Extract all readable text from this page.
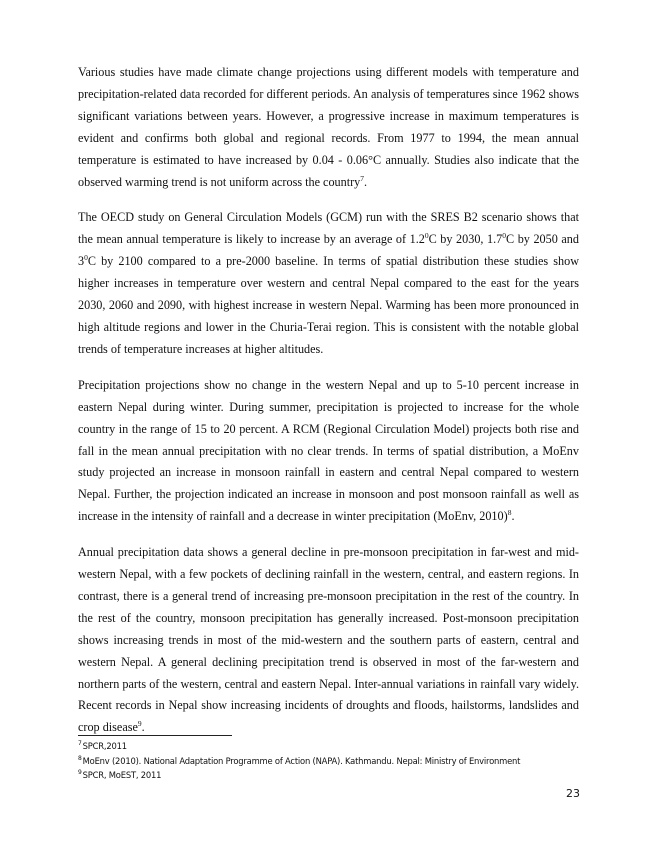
Various studies have made climate change projections using different models with temperature and precipitation-related data recorded for different periods. An analysis of temperatures since 1962 shows significant variations between years. However, a progressive increase in maximum temperatures is evident and confirms both global and regional records. From 1977 to 1994, the mean annual temperature is estimated to have increased by 0.04 - 0.06°C annually. Studies also indicate that the observed warming trend is not uniform across the country$^7$.

The OECD study on General Circulation Models (GCM) run with the SRES B2 scenario shows that the mean annual temperature is likely to increase by an average of $1.2^0C$ by 2030, $1.7^0C$ by 2050 and $3^0C$ by 2100 compared to a pre-2000 baseline. In terms of spatial distribution these studies show higher increases in temperature over western and central Nepal compared to the east for the years 2030, 2060 and 2090, with highest increase in western Nepal. Warming has been more pronounced in high altitude regions and lower in the Churia-Terai region. This is consistent with the notable global trends of temperature increases at higher altitudes.

Precipitation projections show no change in the western Nepal and up to 5-10 percent increase in eastern Nepal during winter. During summer, precipitation is projected to increase for the whole country in the range of 15 to 20 percent. A RCM (Regional Circulation Model) projects both rise and fall in the mean annual precipitation with no clear trends. In terms of spatial distribution, a MoEnv study projected an increase in monsoon rainfall in eastern and central Nepal compared to western Nepal. Further, the projection indicated an increase in monsoon and post monsoon rainfall as well as increase in the intensity of rainfall and a decrease in winter precipitation (MoEnv, 2010)$^8$.

Annual precipitation data shows a general decline in pre-monsoon precipitation in far-west and mid-western Nepal, with a few pockets of declining rainfall in the western, central, and eastern regions. In contrast, there is a general trend of increasing pre-monsoon precipitation in the rest of the country. In the rest of the country, monsoon precipitation has generally increased. Post-monsoon precipitation shows increasing trends in most of the mid-western and the southern parts of eastern, central and western Nepal. A general declining precipitation trend is observed in most of the far-western and northern parts of the western, central and eastern Nepal. Inter-annual variations in rainfall vary widely. Recent records in Nepal show increasing incidents of droughts and floods, hailstorms, landslides and crop disease$^9$.

$^7$SPCR,2011
$^8$MoEnv (2010). National Adaptation Programme of Action (NAPA). Kathmandu. Nepal: Ministry of Environment
$^9$SPCR, MoEST, 2011
23
